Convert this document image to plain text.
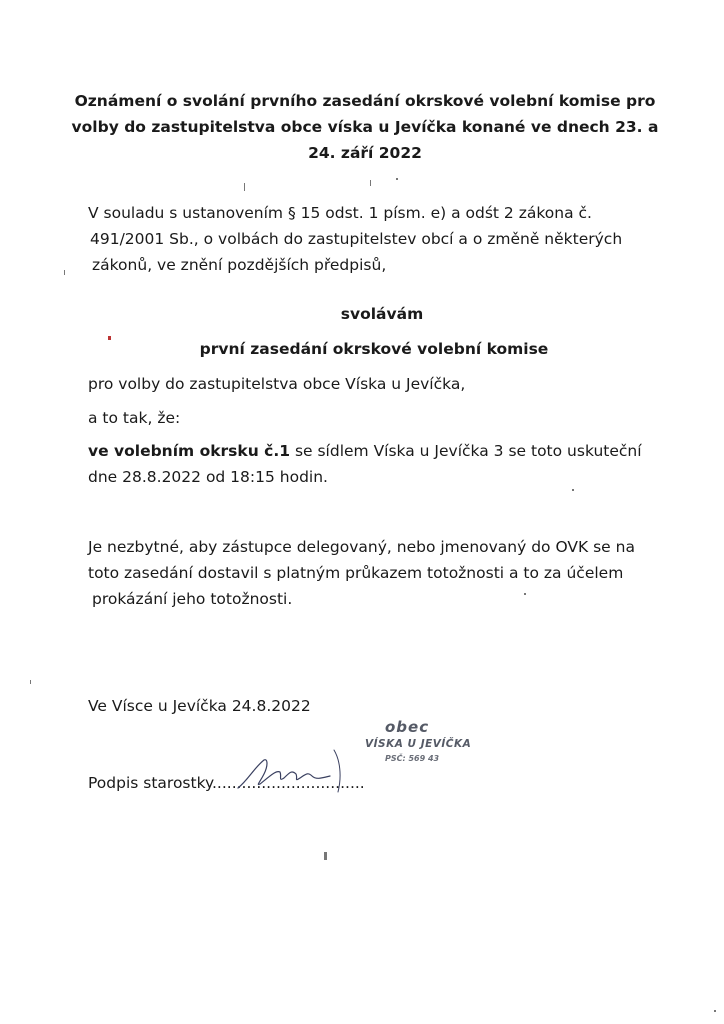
Oznámení o svolání prvního zasedání okrskové volební komise pro
volby do zastupitelstva obce víska u Jevíčka konané ve dnech 23. a
24. září 2022
V souladu s ustanovením § 15 odst. 1 písm. e) a odśt 2 zákona č.
491/2001 Sb., o volbách do zastupitelstev obcí a o změně některých
zákonů, ve znění pozdějších předpisů,
svolávám
první zasedání okrskové volební komise
pro volby do zastupitelstva obce Víska u Jevíčka,
a to tak, že:
ve volebním okrsku č.1 se sídlem Víska u Jevíčka 3 se toto uskuteční
dne 28.8.2022 od 18:15 hodin.
Je nezbytné, aby zástupce delegovaný, nebo jmenovaný do OVK se na
toto zasedání dostavil s platným průkazem totožnosti a to za účelem
prokázání jeho totožnosti.
Ve Vísce u Jevíčka 24.8.2022
obec
VÍSKA U JEVÍČKA
PSČ: 569 43
Podpis starostky...............................
